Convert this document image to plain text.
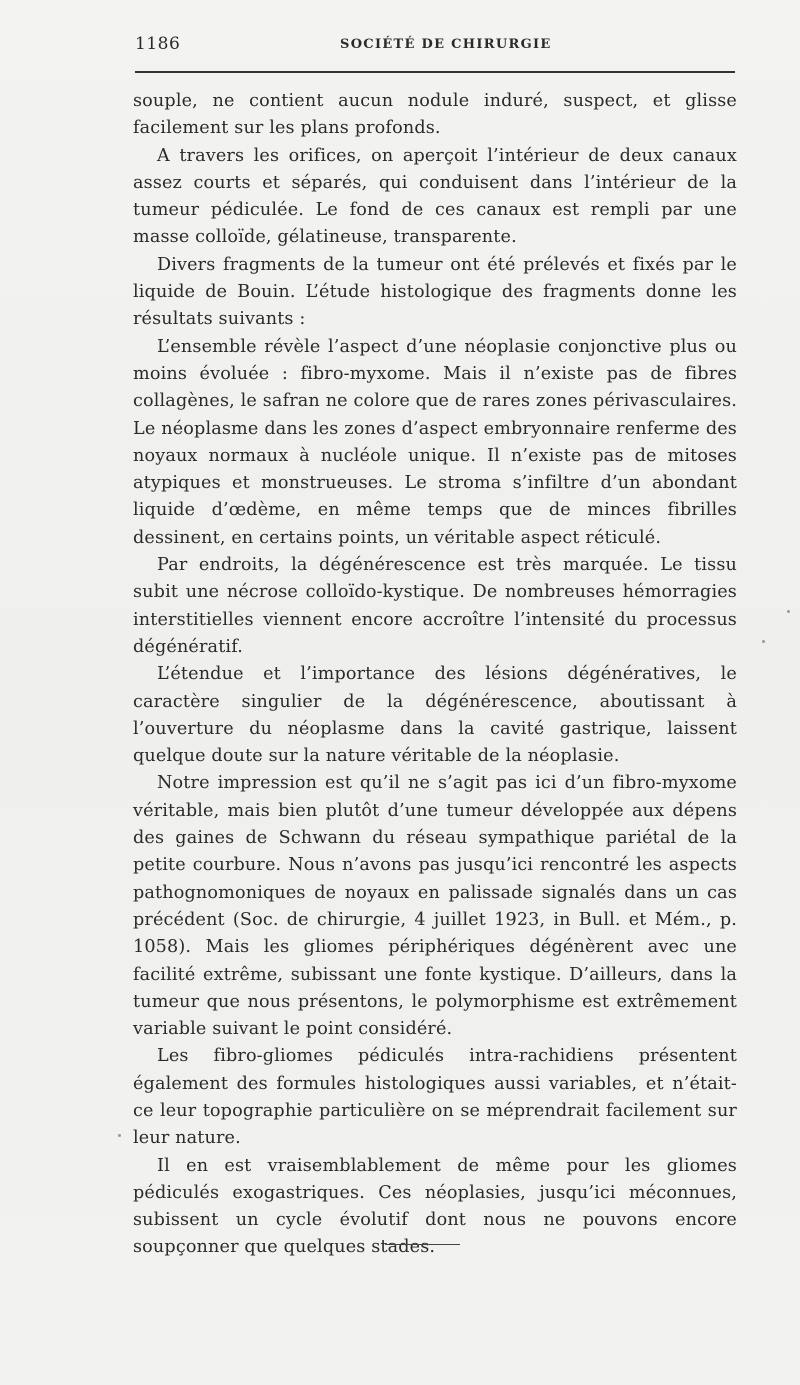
1186	SOCIÉTÉ DE CHIRURGIE

souple, ne contient aucun nodule induré, suspect, et glisse facilement sur les plans profonds.

A travers les orifices, on aperçoit l’intérieur de deux canaux assez courts et séparés, qui conduisent dans l’intérieur de la tumeur pédiculée. Le fond de ces canaux est rempli par une masse colloïde, gélatineuse, transparente.

Divers fragments de la tumeur ont été prélevés et fixés par le liquide de Bouin. L’étude histologique des fragments donne les résultats suivants :

L’ensemble révèle l’aspect d’une néoplasie conjonctive plus ou moins évoluée : fibro-myxome. Mais il n’existe pas de fibres collagènes, le safran ne colore que de rares zones périvasculaires. Le néoplasme dans les zones d’aspect embryonnaire renferme des noyaux normaux à nucléole unique. Il n’existe pas de mitoses atypiques et monstrueuses. Le stroma s’infiltre d’un abondant liquide d’œdème, en même temps que de minces fibrilles dessinent, en certains points, un véritable aspect réticulé.

Par endroits, la dégénérescence est très marquée. Le tissu subit une nécrose colloïdo-kystique. De nombreuses hémorragies interstitielles viennent encore accroître l’intensité du processus dégénératif.

L’étendue et l’importance des lésions dégénératives, le caractère singulier de la dégénérescence, aboutissant à l’ouverture du néoplasme dans la cavité gastrique, laissent quelque doute sur la nature véritable de la néoplasie.

Notre impression est qu’il ne s’agit pas ici d’un fibro-myxome véritable, mais bien plutôt d’une tumeur développée aux dépens des gaines de Schwann du réseau sympathique pariétal de la petite courbure. Nous n’avons pas jusqu’ici rencontré les aspects pathognomoniques de noyaux en palissade signalés dans un cas précédent (Soc. de chirurgie, 4 juillet 1923, in Bull. et Mém., p. 1058). Mais les gliomes périphériques dégénèrent avec une facilité extrême, subissant une fonte kystique. D’ailleurs, dans la tumeur que nous présentons, le polymorphisme est extrêmement variable suivant le point considéré.

Les fibro-gliomes pédiculés intra-rachidiens présentent également des formules histologiques aussi variables, et n’était-ce leur topographie particulière on se méprendrait facilement sur leur nature.

Il en est vraisemblablement de même pour les gliomes pédiculés exogastriques. Ces néoplasies, jusqu’ici méconnues, subissent un cycle évolutif dont nous ne pouvons encore soupçonner que quelques stades.
